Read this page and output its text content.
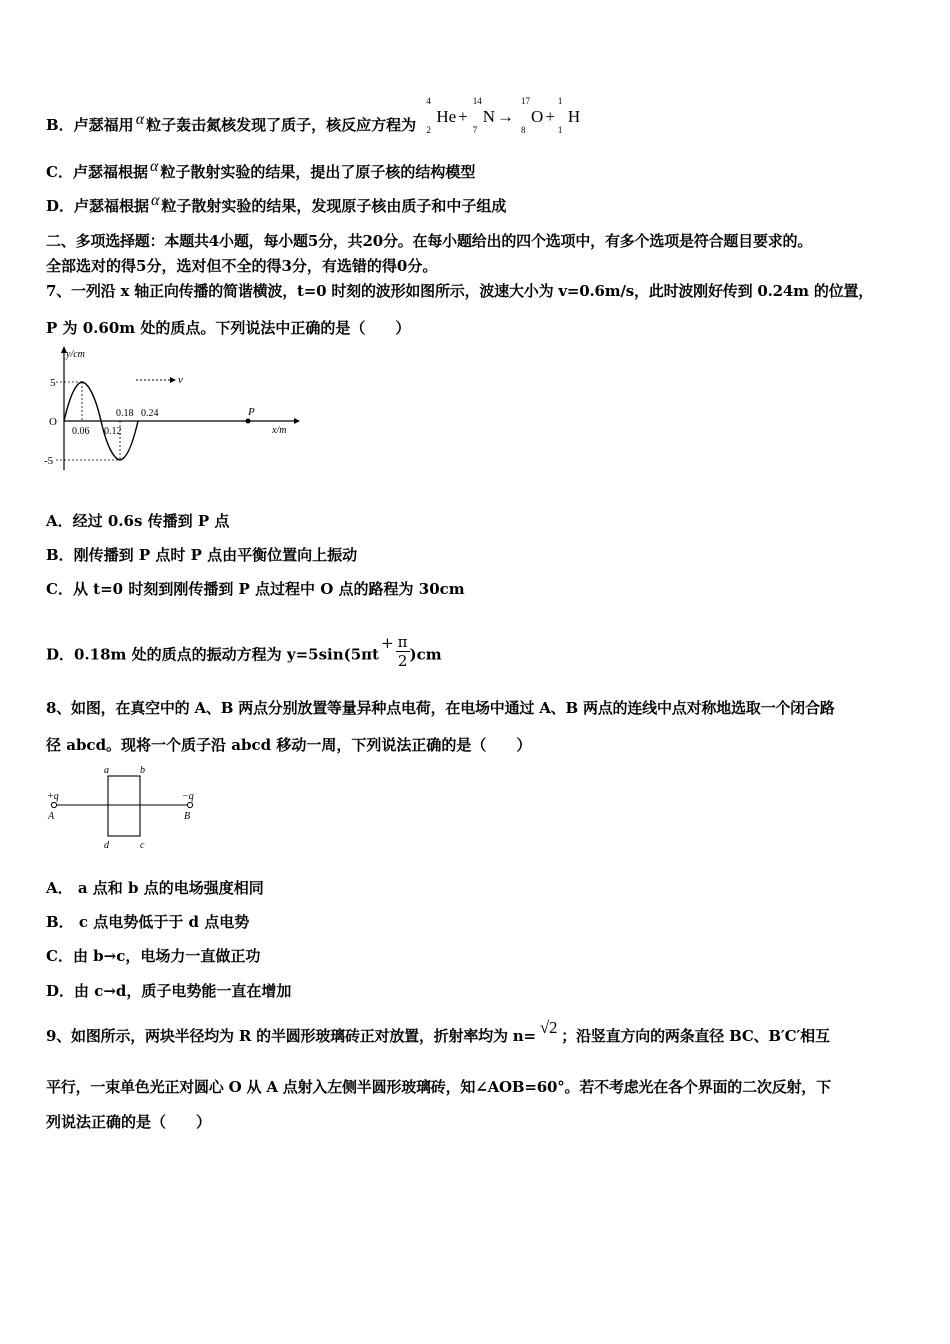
B．卢瑟福用 α 粒子轰击氮核发现了质子，核反应方程为
4
2
He +
14
7
N →
17
8
O +
1
1
H
C．卢瑟福根据 α 粒子散射实验的结果，提出了原子核的结构模型
D．卢瑟福根据 α 粒子散射实验的结果，发现原子核由质子和中子组成
二、多项选择题：本题共4小题，每小题5分，共20分。在每小题给出的四个选项中，有多个选项是符合题目要求的。
全部选对的得5分，选对但不全的得3分，有选错的得0分。
7、一列沿 x 轴正向传播的简谐横波，t=0 时刻的波形如图所示，波速大小为 v=0.6m/s，此时波刚好传到 0.24m 的位置，
P 为 0.60m 处的质点。下列说法中正确的是（　　）
v
P
y/cm
x/m
O
5
-5
0.06 0.12
0.18 0.24
A．经过 0.6s 传播到 P 点
B．刚传播到 P 点时 P 点由平衡位置向上振动
C．从 t=0 时刻到刚传播到 P 点过程中 O 点的路程为 30cm
D．0.18m 处的质点的振动方程为 $y=5\sin(5\pi t+ \frac{\pi}{2} )cm$
8、如图，在真空中的 A、B 两点分别放置等量异种点电荷，在电场中通过 A、B 两点的连线中点对称地选取一个闭合路
径 abcd。现将一个质子沿 abcd 移动一周，下列说法正确的是（　　）
a	b
d	c
+q	−q
A	B
A． a 点和 b 点的电场强度相同
B． c 点电势低于于 d 点电势
C．由 b→c，电场力一直做正功
D．由 c→d，质子电势能一直在增加
9、如图所示，两块半径均为 R 的半圆形玻璃砖正对放置，折射率均为 n= √2 ；沿竖直方向的两条直径 BC、B′C′相互
平行，一束单色光正对圆心 O 从 A 点射入左侧半圆形玻璃砖，知∠AOB=60°。若不考虑光在各个界面的二次反射，下
列说法正确的是（　　）
